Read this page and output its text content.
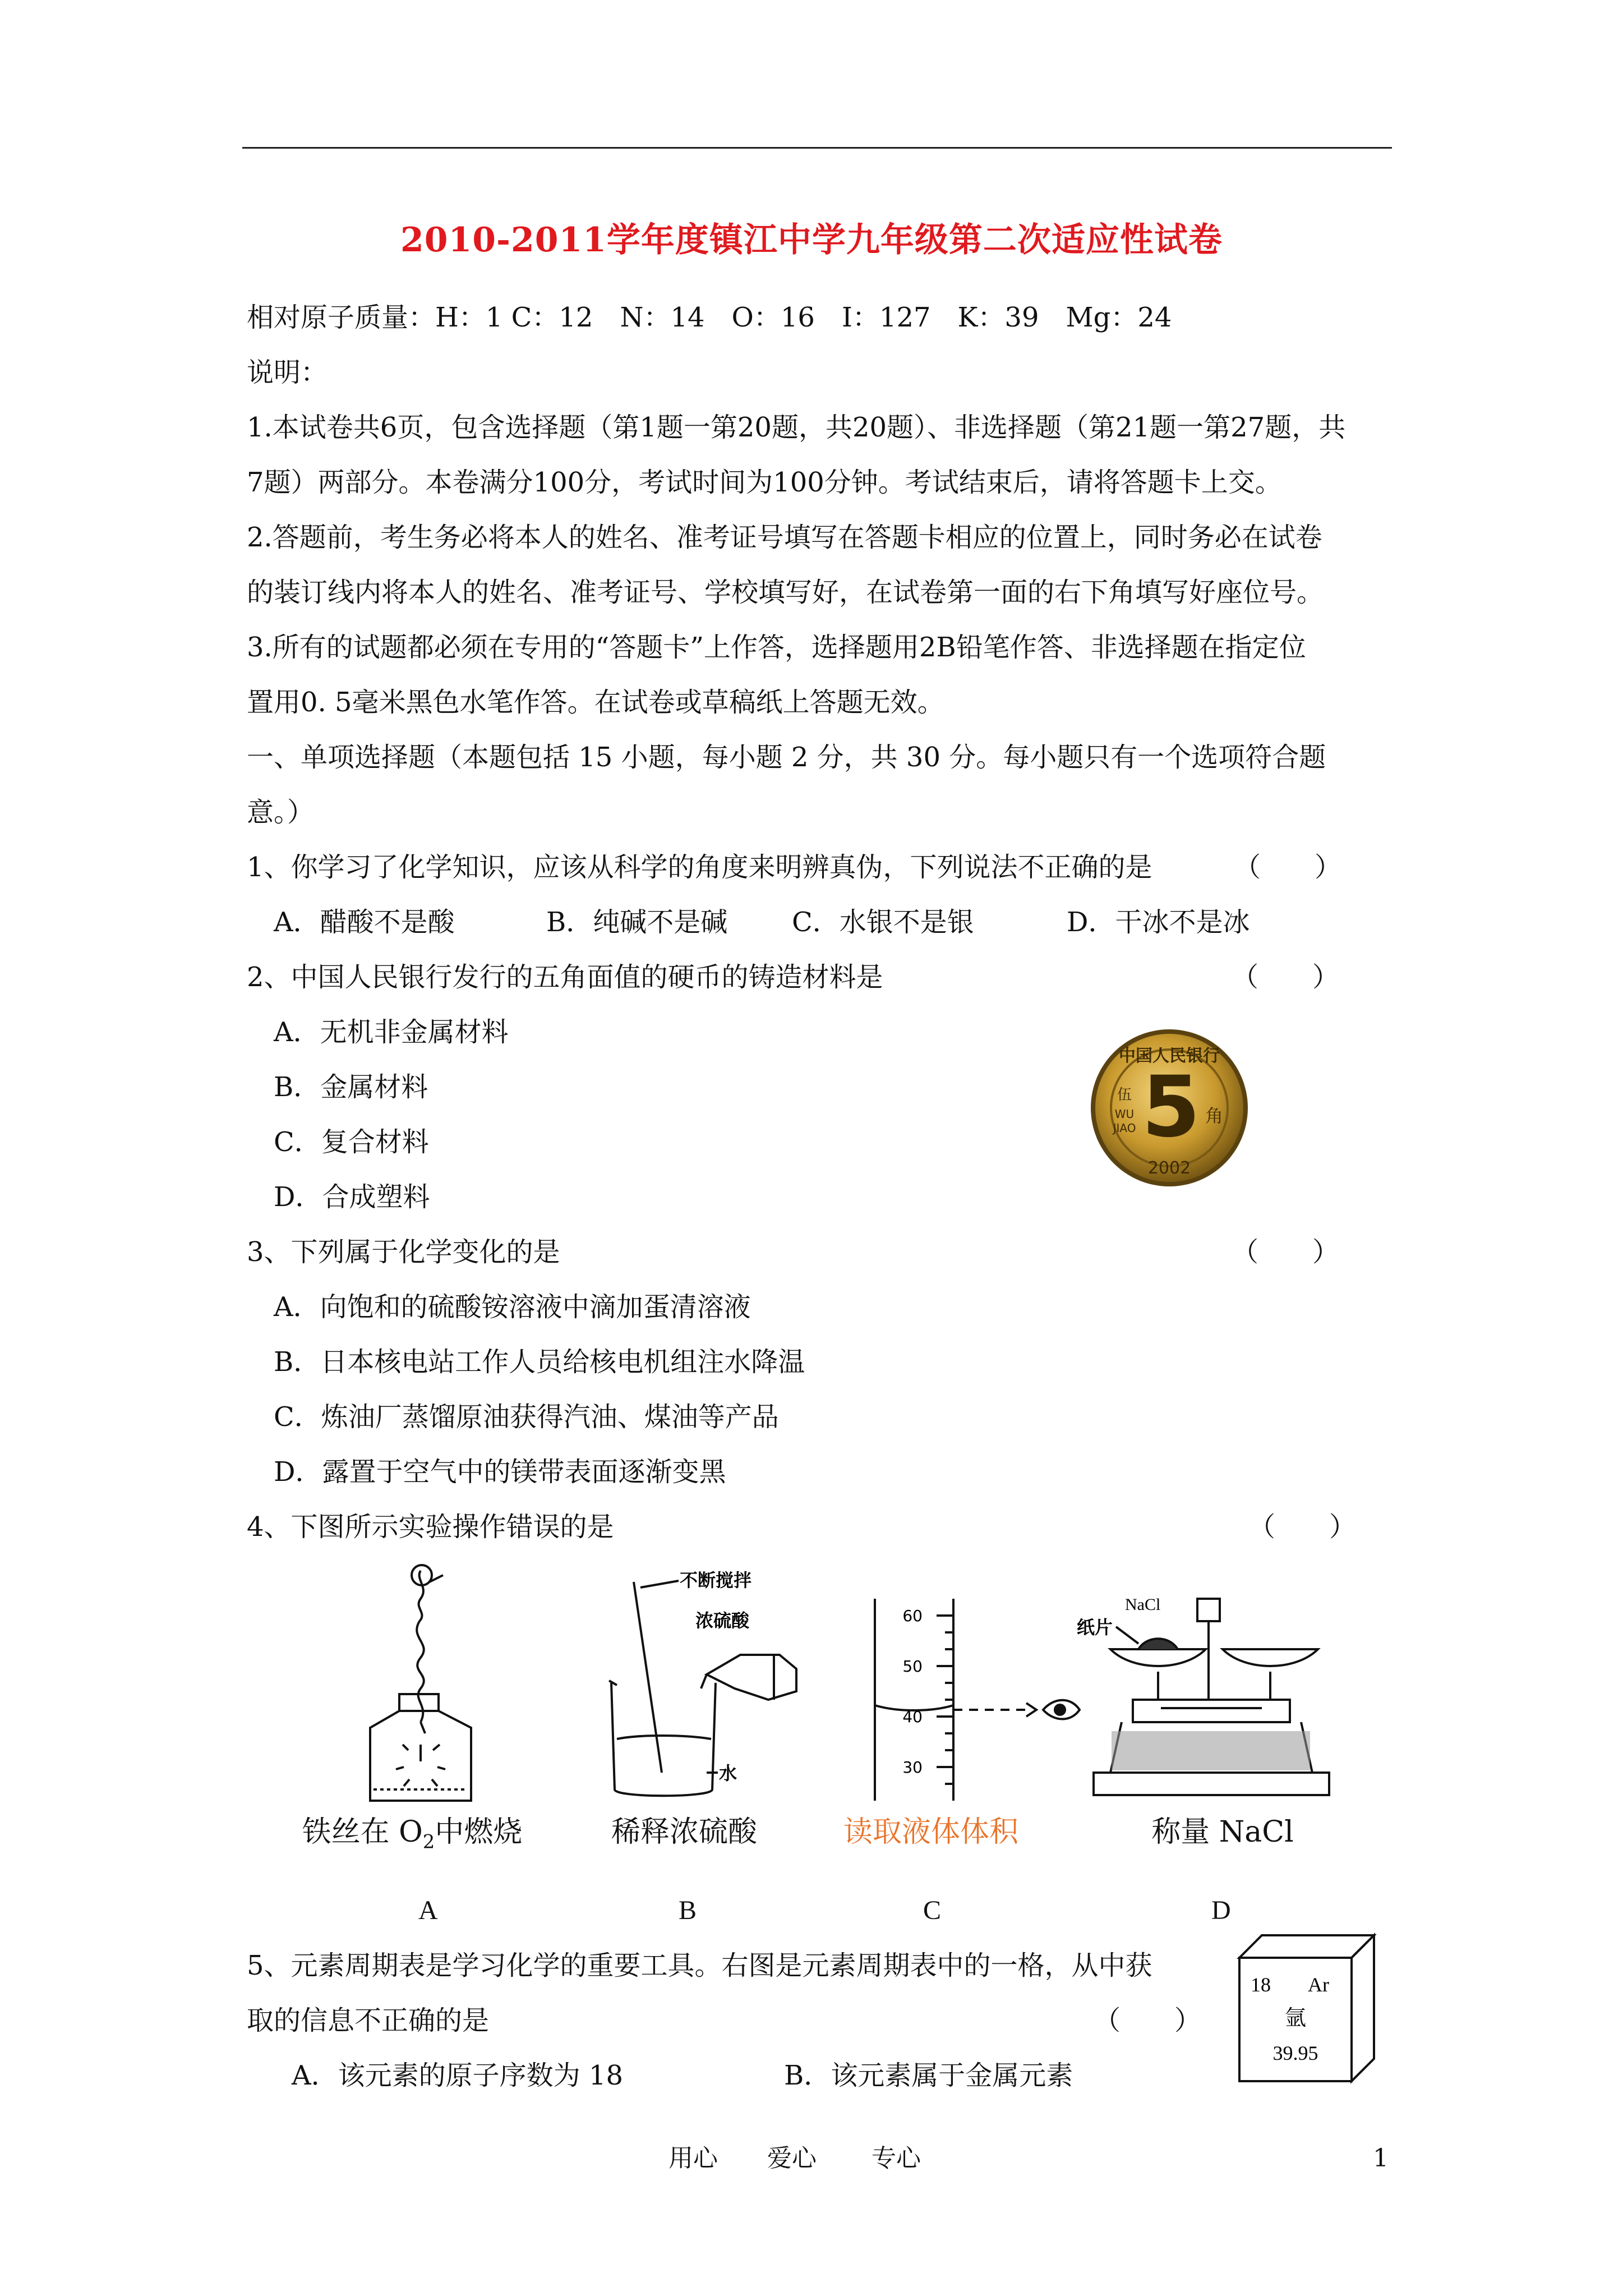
2010-2011学年度镇江中学九年级第二次适应性试卷
相对原子质量：H：1 C：12　N：14　O：16　I：127　K：39　Mg：24
说明：
1.本试卷共6页，包含选择题（第1题一第20题，共20题）、非选择题（第21题一第27题，共
7题）两部分。本卷满分100分，考试时间为100分钟。考试结束后，请将答题卡上交。
2.答题前，考生务必将本人的姓名、准考证号填写在答题卡相应的位置上，同时务必在试卷
的装订线内将本人的姓名、准考证号、学校填写好，在试卷第一面的右下角填写好座位号。
3.所有的试题都必须在专用的“答题卡”上作答，选择题用2B铅笔作答、非选择题在指定位
置用0. 5毫米黑色水笔作答。在试卷或草稿纸上答题无效。
一、单项选择题（本题包括 15 小题，每小题 2 分，共 30 分。每小题只有一个选项符合题
意。）
1、你学习了化学知识，应该从科学的角度来明辨真伪，下列说法不正确的是	（　　）
A．醋酸不是酸	B．纯碱不是碱 C．水银不是银	D．干冰不是冰
2、中国人民银行发行的五角面值的硬币的铸造材料是	（　　）
A．无机非金属材料
B．金属材料
C．复合材料
D．合成塑料
中国人民银行
5
伍
WU
JIAO
角
2002
3、下列属于化学变化的是	（　　）
A．向饱和的硫酸铵溶液中滴加蛋清溶液
B．日本核电站工作人员给核电机组注水降温
C．炼油厂蒸馏原油获得汽油、煤油等产品
D．露置于空气中的镁带表面逐渐变黑
4、下图所示实验操作错误的是	（　　）
不断搅拌
浓硫酸
水
60
50
40
30
NaCl
纸片
铁丝在 $O_2$中燃烧	稀释浓硫酸	读取液体体积	称量 NaCl
A	B	C	D
5、元素周期表是学习化学的重要工具。右图是元素周期表中的一格，从中获
取的信息不正确的是	（　　）
A．该元素的原子序数为 18	B．该元素属于金属元素
18 Ar
氩
39.95
用心 爱心 专心	1
